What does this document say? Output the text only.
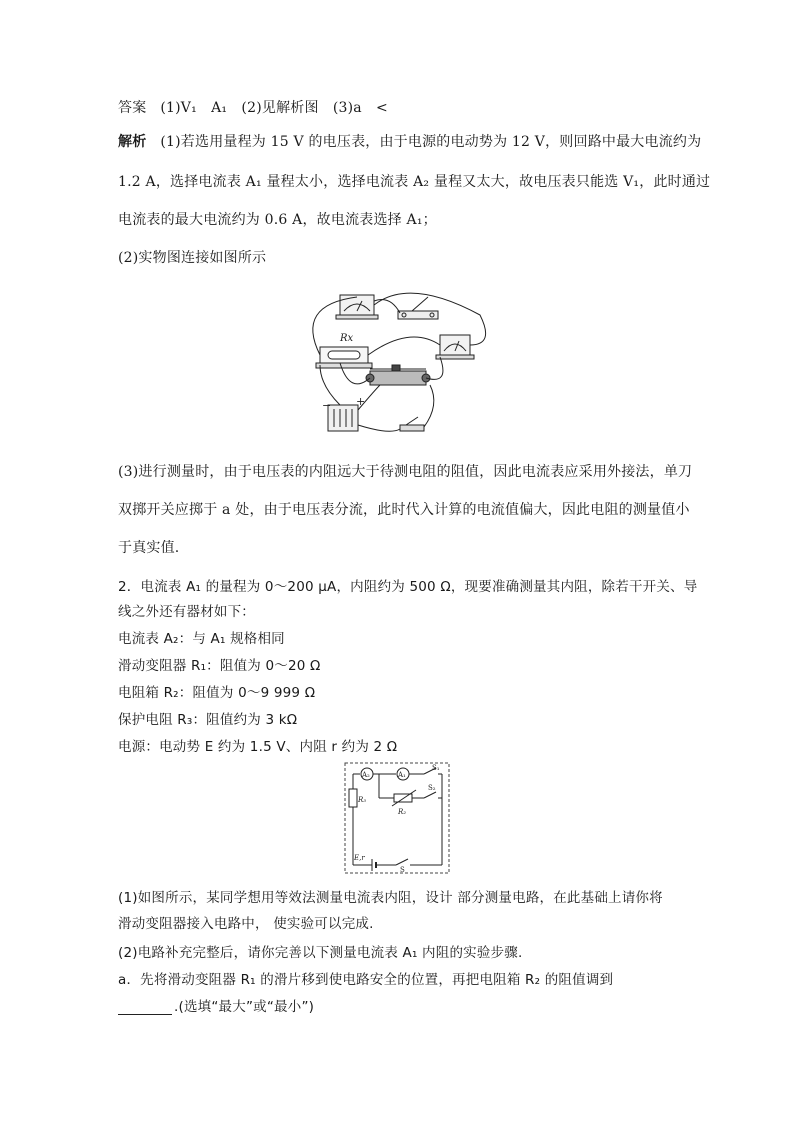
答案 (1)V₁　A₁　(2)见解析图　(3)a　<
解析 (1)若选用量程为 15 V 的电压表，由于电源的电动势为 12 V，则回路中最大电流约为
1.2 A，选择电流表 A₁ 量程太小，选择电流表 A₂ 量程又太大，故电压表只能选 V₁，此时通过
电流表的最大电流约为 0.6 A，故电流表选择 A₁；
(2)实物图连接如图所示
Rx
+
−
(3)进行测量时，由于电压表的内阻远大于待测电阻的阻值，因此电流表应采用外接法，单刀
双掷开关应掷于 a 处，由于电压表分流，此时代入计算的电流值偏大，因此电阻的测量值小
于真实值.
2．电流表 A₁ 的量程为 0～200 μA，内阻约为 500 Ω，现要准确测量其内阻，除若干开关、导
线之外还有器材如下：
电流表 A₂：与 A₁ 规格相同
滑动变阻器 R₁：阻值为 0～20 Ω
电阻箱 R₂：阻值为 0～9 999 Ω
保护电阻 R₃：阻值约为 3 kΩ
电源：电动势 E 约为 1.5 V、内阻 r 约为 2 Ω
A₂	A₁
S₁
S₂
R₃
R₂
E,r
S
(1)如图所示，某同学想用等效法测量电流表内阻，设计 部分测量电路，在此基础上请你将
滑动变阻器接入电路中， 使实验可以完成.
(2)电路补充完整后，请你完善以下测量电流表 A₁ 内阻的实验步骤.
a．先将滑动变阻器 R₁ 的滑片移到使电路安全的位置，再把电阻箱 R₂ 的阻值调到
.(选填“最大”或“最小”)
